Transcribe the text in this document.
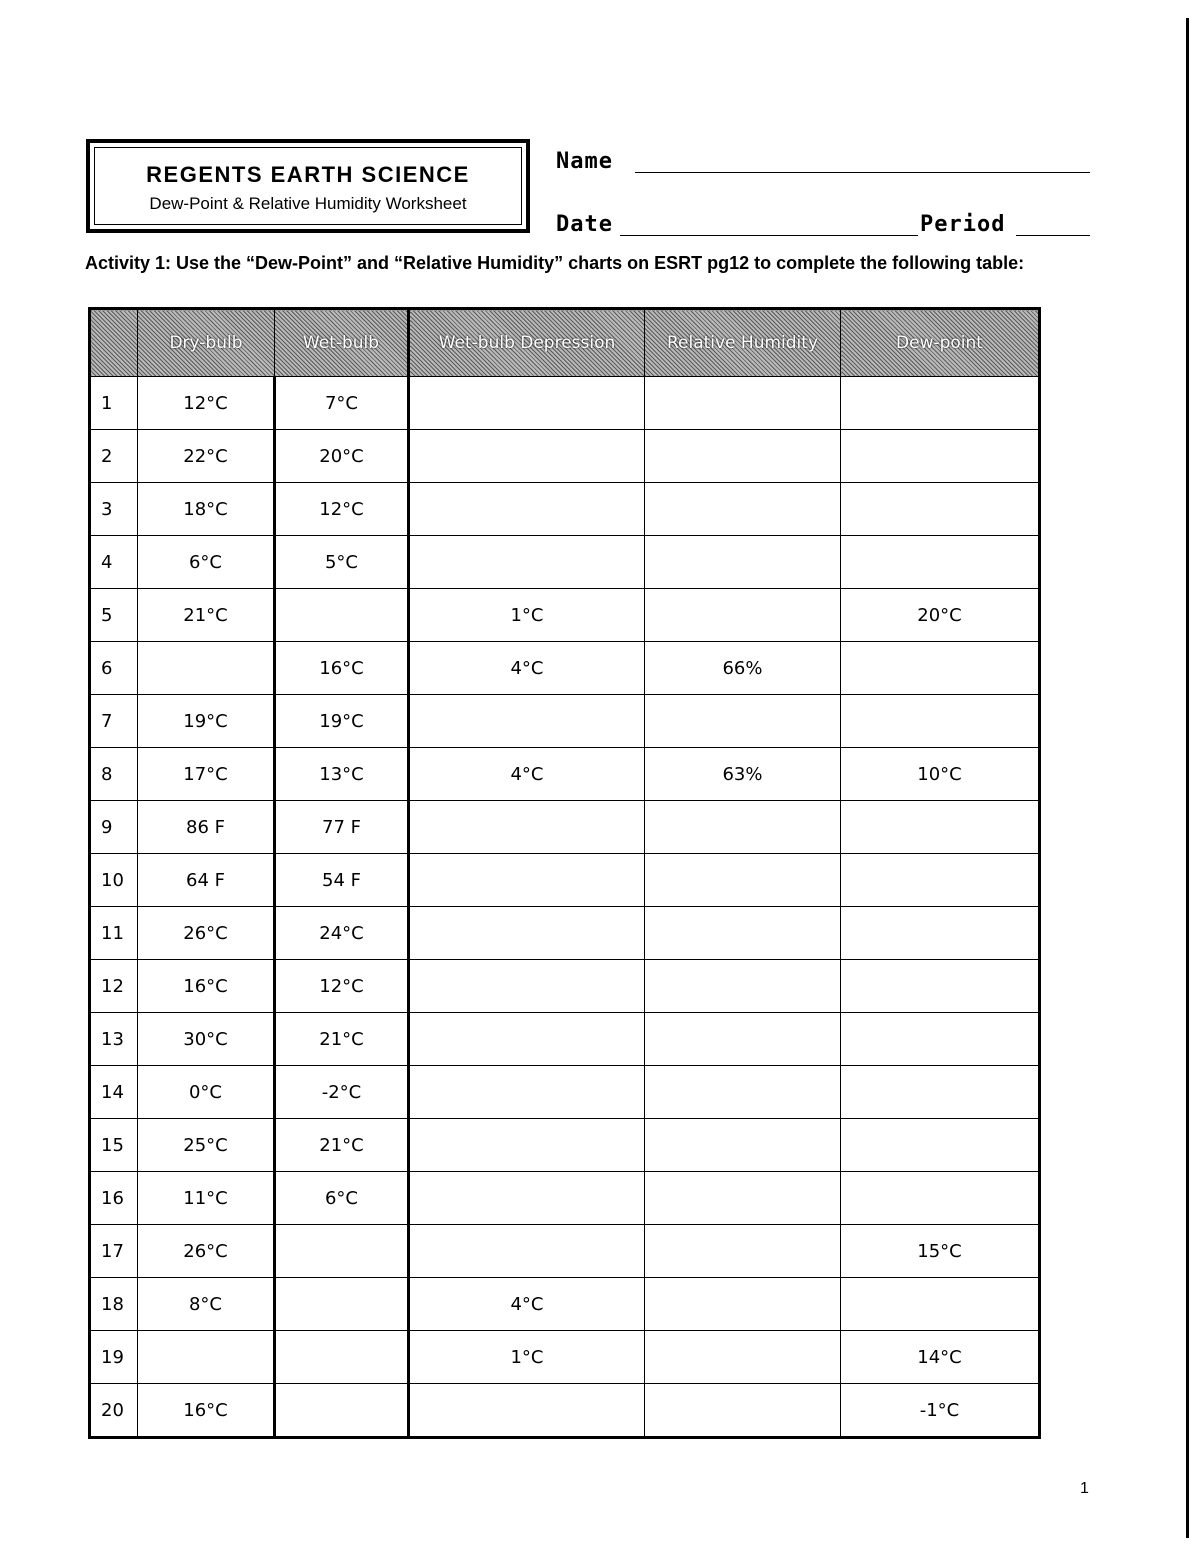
REGENTS EARTH SCIENCE
Dew-Point & Relative Humidity Worksheet
Name
Date	Period
Activity 1: Use the “Dew-Point” and “Relative Humidity” charts on ESRT pg12 to complete the following table:
	Dry-bulb	Wet-bulb	Wet-bulb Depression	Relative Humidity	Dew-point
1	12°C	7°C			
2	22°C	20°C			
3	18°C	12°C			
4	6°C	5°C			
5	21°C		1°C		20°C
6		16°C	4°C	66%	
7	19°C	19°C			
8	17°C	13°C	4°C	63%	10°C
9	86 F	77 F			
10	64 F	54 F			
11	26°C	24°C			
12	16°C	12°C			
13	30°C	21°C			
14	0°C	-2°C			
15	25°C	21°C			
16	11°C	6°C			
17	26°C				15°C
18	8°C		4°C		
19			1°C		14°C
20	16°C				-1°C
1
